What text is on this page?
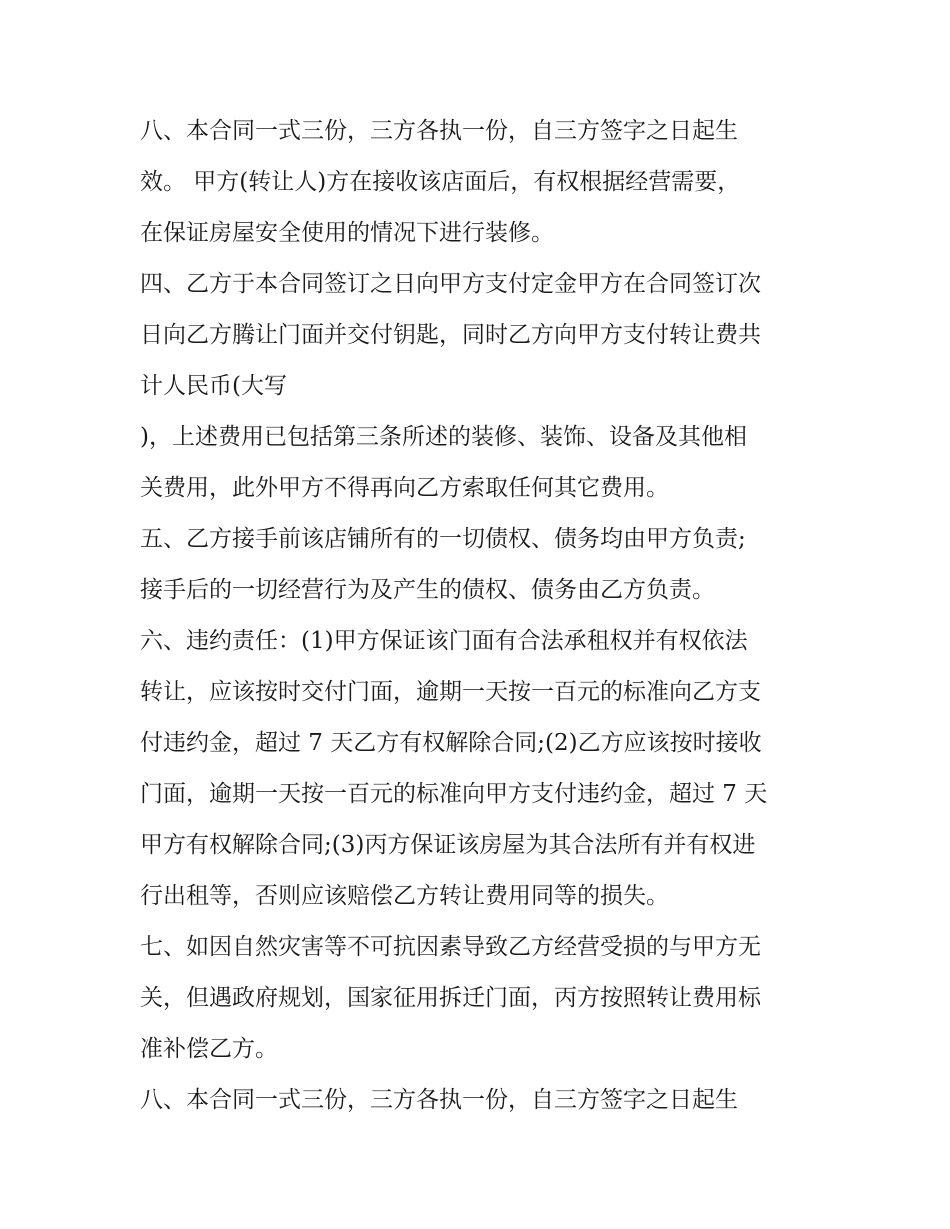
八、本合同一式三份，三方各执一份，自三方签字之日起生
效。 甲方(转让人)方在接收该店面后，有权根据经营需要，
在保证房屋安全使用的情况下进行装修。
四、乙方于本合同签订之日向甲方支付定金甲方在合同签订次
日向乙方腾让门面并交付钥匙，同时乙方向甲方支付转让费共
计人民币(大写
)，上述费用已包括第三条所述的装修、装饰、设备及其他相
关费用，此外甲方不得再向乙方索取任何其它费用。
五、乙方接手前该店铺所有的一切债权、债务均由甲方负责;
接手后的一切经营行为及产生的债权、债务由乙方负责。
六、违约责任：(1)甲方保证该门面有合法承租权并有权依法
转让，应该按时交付门面，逾期一天按一百元的标准向乙方支
付违约金，超过 7 天乙方有权解除合同;(2)乙方应该按时接收
门面，逾期一天按一百元的标准向甲方支付违约金，超过 7 天
甲方有权解除合同;(3)丙方保证该房屋为其合法所有并有权进
行出租等，否则应该赔偿乙方转让费用同等的损失。
七、如因自然灾害等不可抗因素导致乙方经营受损的与甲方无
关，但遇政府规划，国家征用拆迁门面，丙方按照转让费用标
准补偿乙方。
八、本合同一式三份，三方各执一份，自三方签字之日起生
